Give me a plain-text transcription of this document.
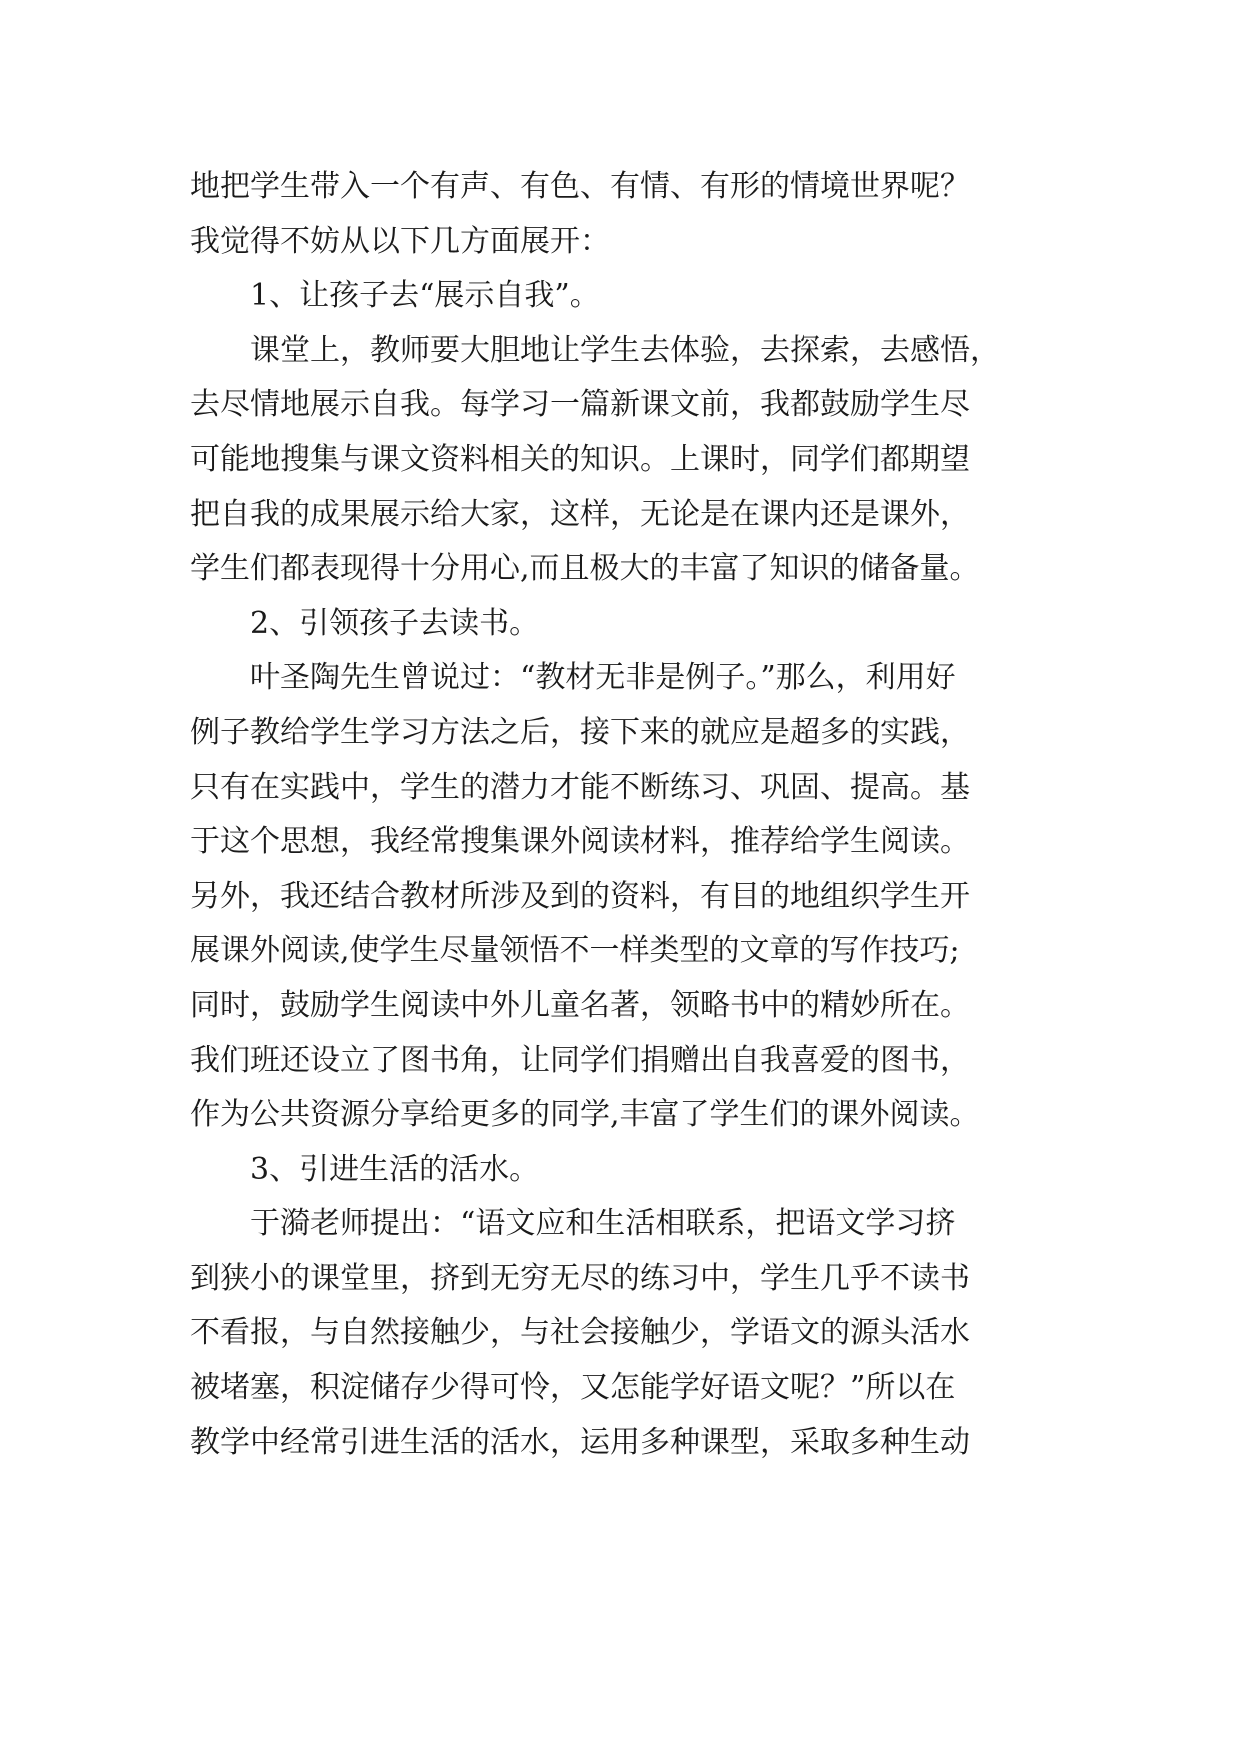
地把学生带入一个有声、有色、有情、有形的情境世界呢？
我觉得不妨从以下几方面展开：
1、让孩子去“展示自我”。
课堂上，教师要大胆地让学生去体验，去探索，去感悟，
去尽情地展示自我。每学习一篇新课文前，我都鼓励学生尽
可能地搜集与课文资料相关的知识。上课时，同学们都期望
把自我的成果展示给大家，这样，无论是在课内还是课外，
学生们都表现得十分用心,而且极大的丰富了知识的储备量。
2、引领孩子去读书。
叶圣陶先生曾说过：“教材无非是例子。”那么，利用好
例子教给学生学习方法之后，接下来的就应是超多的实践，
只有在实践中，学生的潜力才能不断练习、巩固、提高。基
于这个思想，我经常搜集课外阅读材料，推荐给学生阅读。
另外，我还结合教材所涉及到的资料，有目的地组织学生开
展课外阅读,使学生尽量领悟不一样类型的文章的写作技巧;
同时，鼓励学生阅读中外儿童名著，领略书中的精妙所在。
我们班还设立了图书角，让同学们捐赠出自我喜爱的图书，
作为公共资源分享给更多的同学,丰富了学生们的课外阅读。
3、引进生活的活水。
于漪老师提出：“语文应和生活相联系，把语文学习挤
到狭小的课堂里，挤到无穷无尽的练习中，学生几乎不读书
不看报，与自然接触少，与社会接触少，学语文的源头活水
被堵塞，积淀储存少得可怜，又怎能学好语文呢？”所以在
教学中经常引进生活的活水，运用多种课型，采取多种生动
